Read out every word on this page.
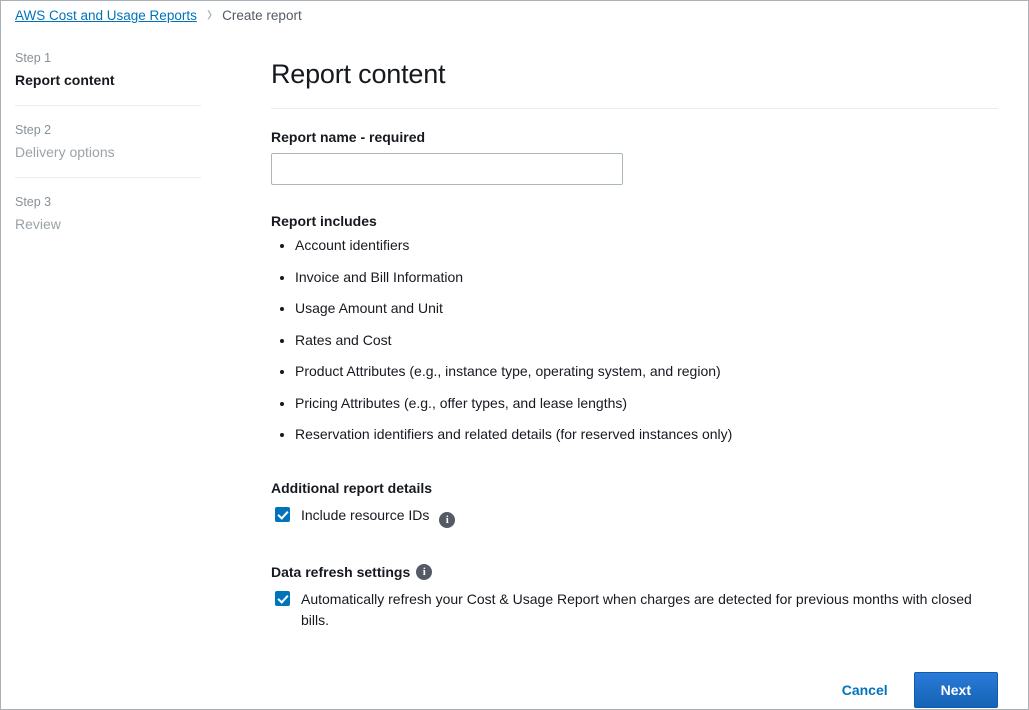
AWS Cost and Usage Reports › Create report
Step 1
Report content
Step 2
Delivery options
Step 3
Review
Report content
Report name - required
Report includes
• Account identifiers
• Invoice and Bill Information
• Usage Amount and Unit
• Rates and Cost
• Product Attributes (e.g., instance type, operating system, and region)
• Pricing Attributes (e.g., offer types, and lease lengths)
• Reservation identifiers and related details (for reserved instances only)
Additional report details
Include resource IDs i
Data refresh settings	i
Automatically refresh your Cost & Usage Report when charges are detected for previous months with closed bills.
Cancel	Next
